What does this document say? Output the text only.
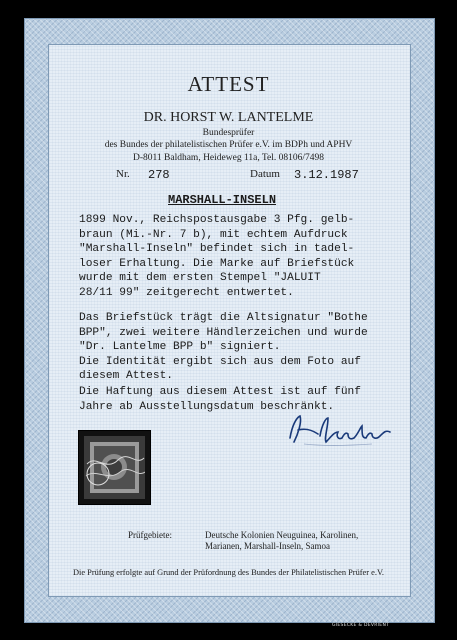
ATTEST
DR. HORST W. LANTELME
Bundesprüfer
des Bundes der philatelistischen Prüfer e.V. im BDPh und APHV
D-8011 Baldham, Heideweg 11a, Tel. 08106/7498
Nr. 278	Datum 3.12.1987
MARSHALL-INSELN
1899 Nov., Reichspostausgabe 3 Pfg. gelb-
braun (Mi.-Nr. 7 b), mit echtem Aufdruck
"Marshall-Inseln" befindet sich in tadel-
loser Erhaltung. Die Marke auf Briefstück
wurde mit dem ersten Stempel "JALUIT
28/11 99" zeitgerecht entwertet.
Das Briefstück trägt die Altsignatur "Bothe
BPP", zwei weitere Händlerzeichen und wurde
"Dr. Lantelme BPP b" signiert.
Die Identität ergibt sich aus dem Foto auf
diesem Attest.
Die Haftung aus diesem Attest ist auf fünf
Jahre ab Ausstellungsdatum beschränkt.
Prüfgebiete:	Deutsche Kolonien Neuguinea, Karolinen,
Marianen, Marshall-Inseln, Samoa
Die Prüfung erfolgte auf Grund der Prüfordnung des Bundes der Philatelistischen Prüfer e.V.
GIESECKE & DEVRIENT
